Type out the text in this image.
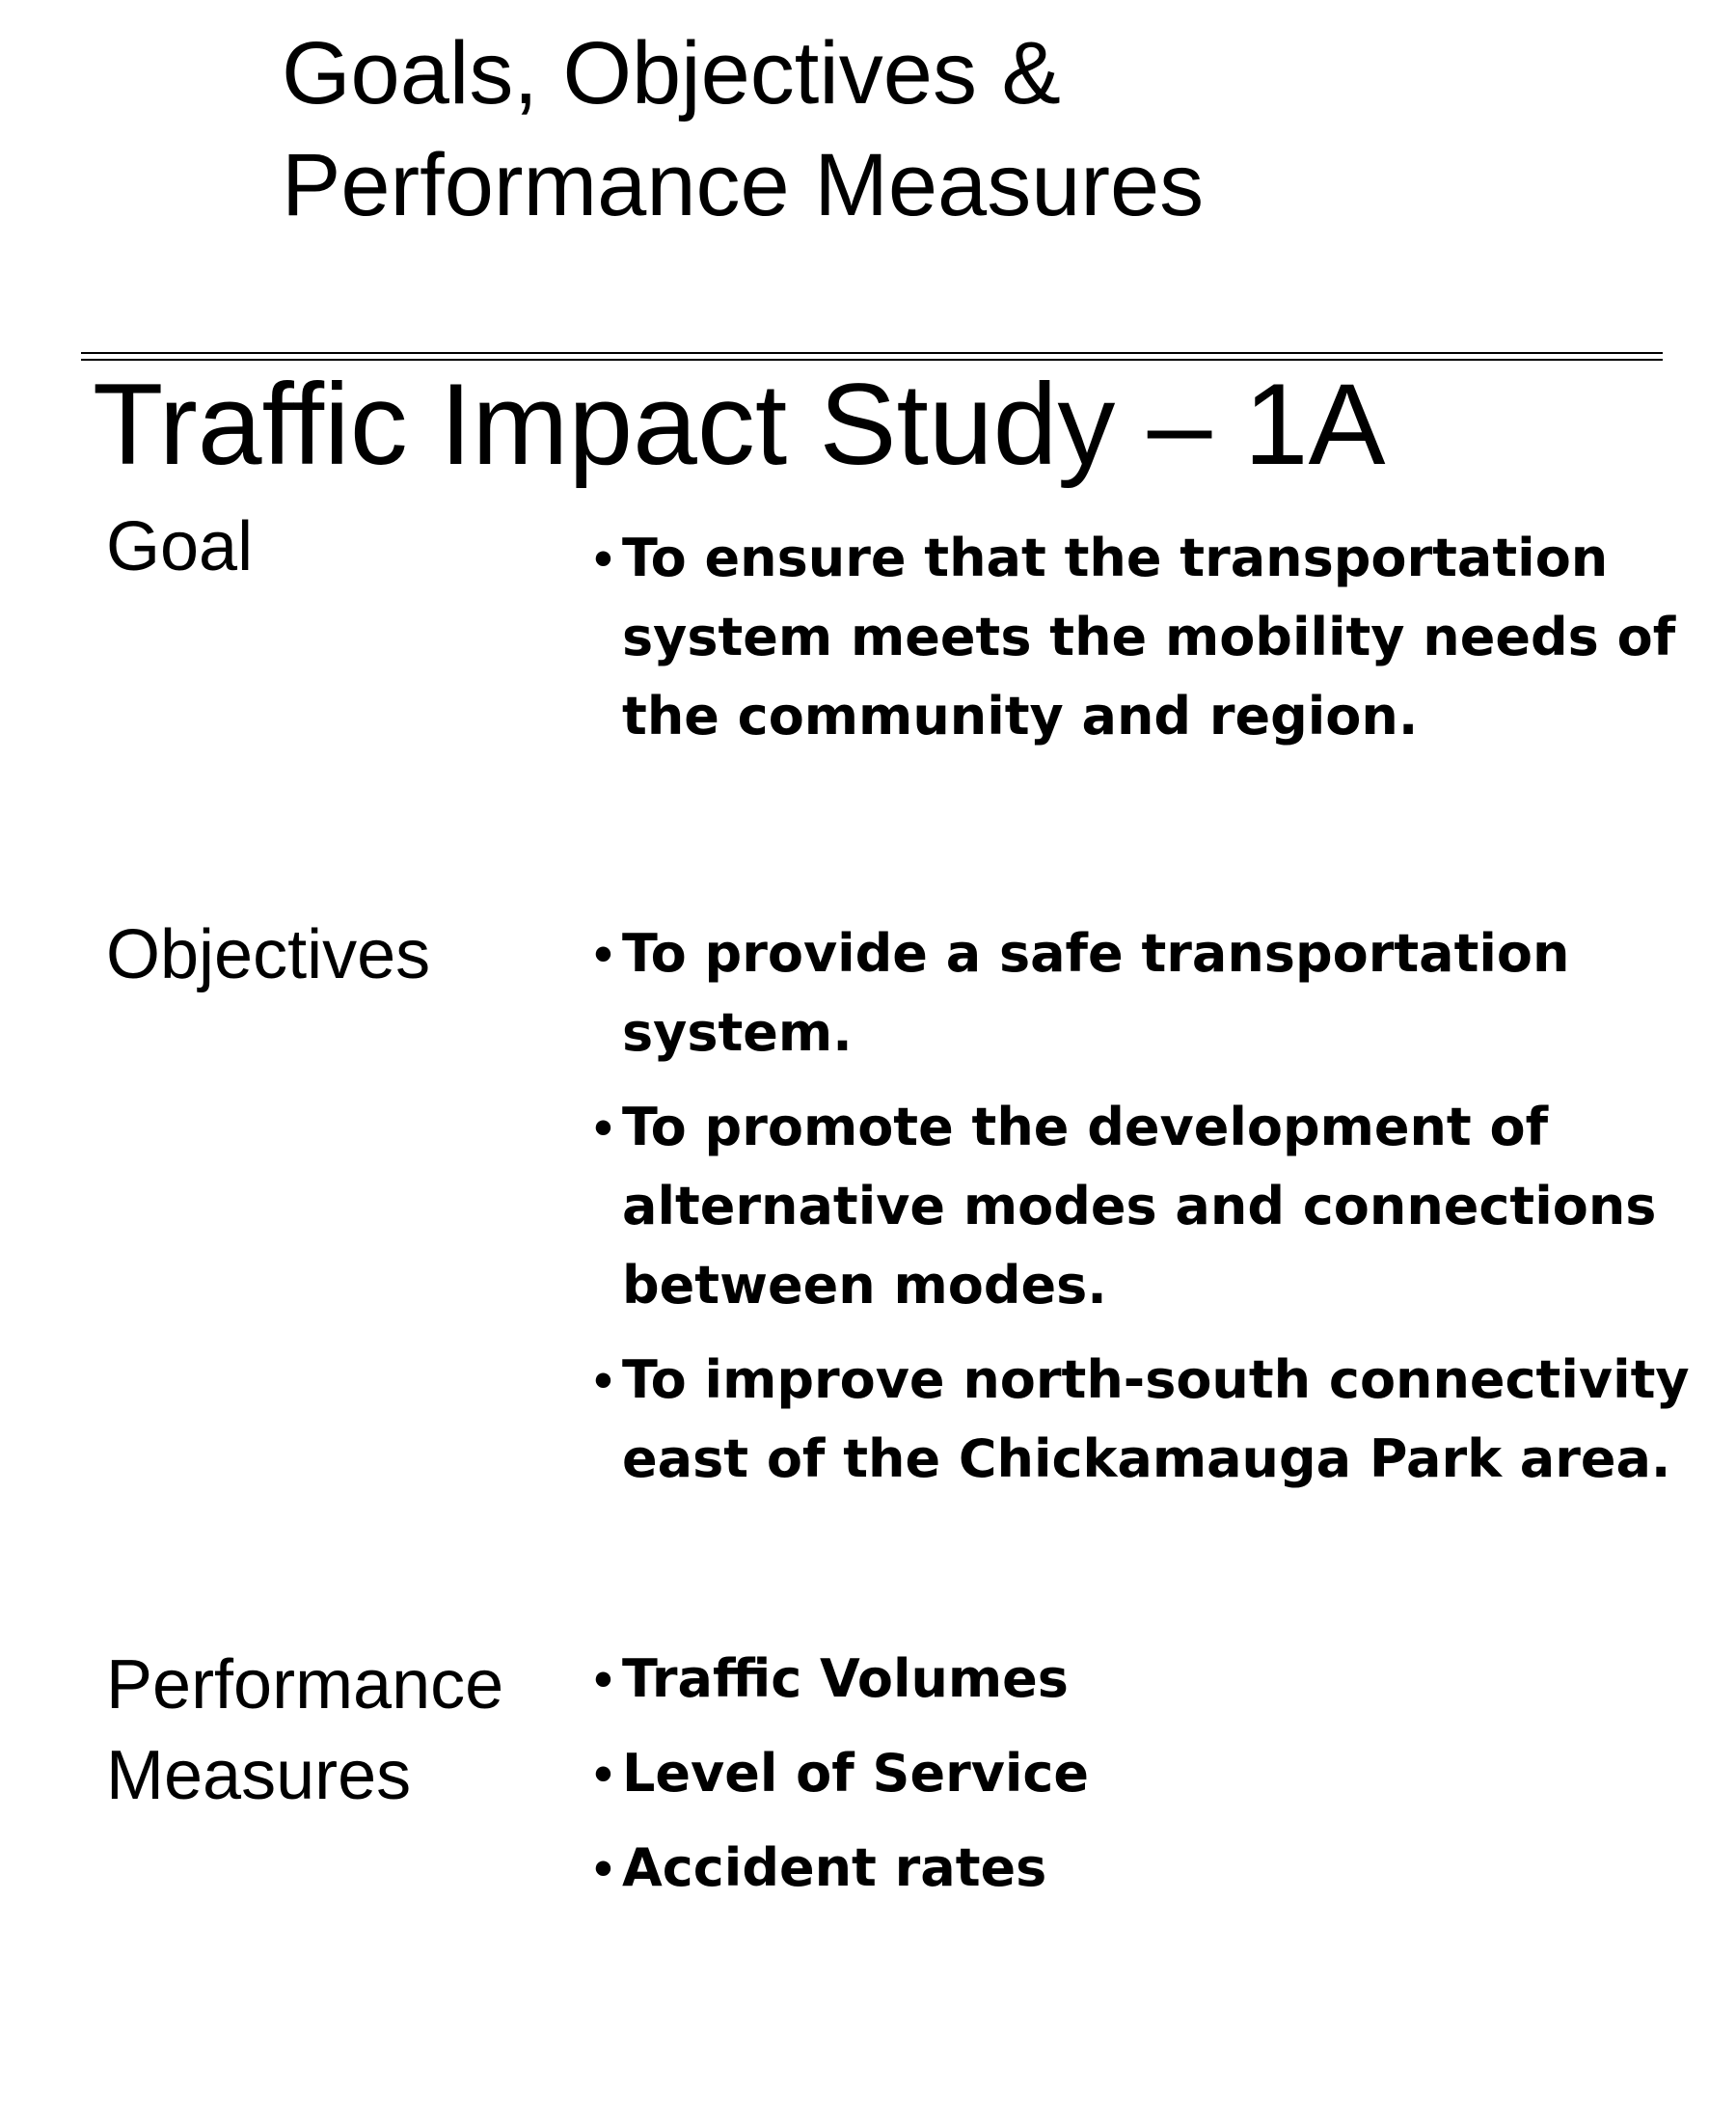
Goals, Objectives &
Performance Measures
Traffic Impact Study – 1A
Goal	• To ensure that the transportation system meets the mobility needs of the community and region.
Objectives	• To provide a safe transportation system.
• To promote the development of alternative modes and connections between modes.
• To improve north-south connectivity east of the Chickamauga Park area.
Performance
Measures
• Traffic Volumes
• Level of Service
• Accident rates
